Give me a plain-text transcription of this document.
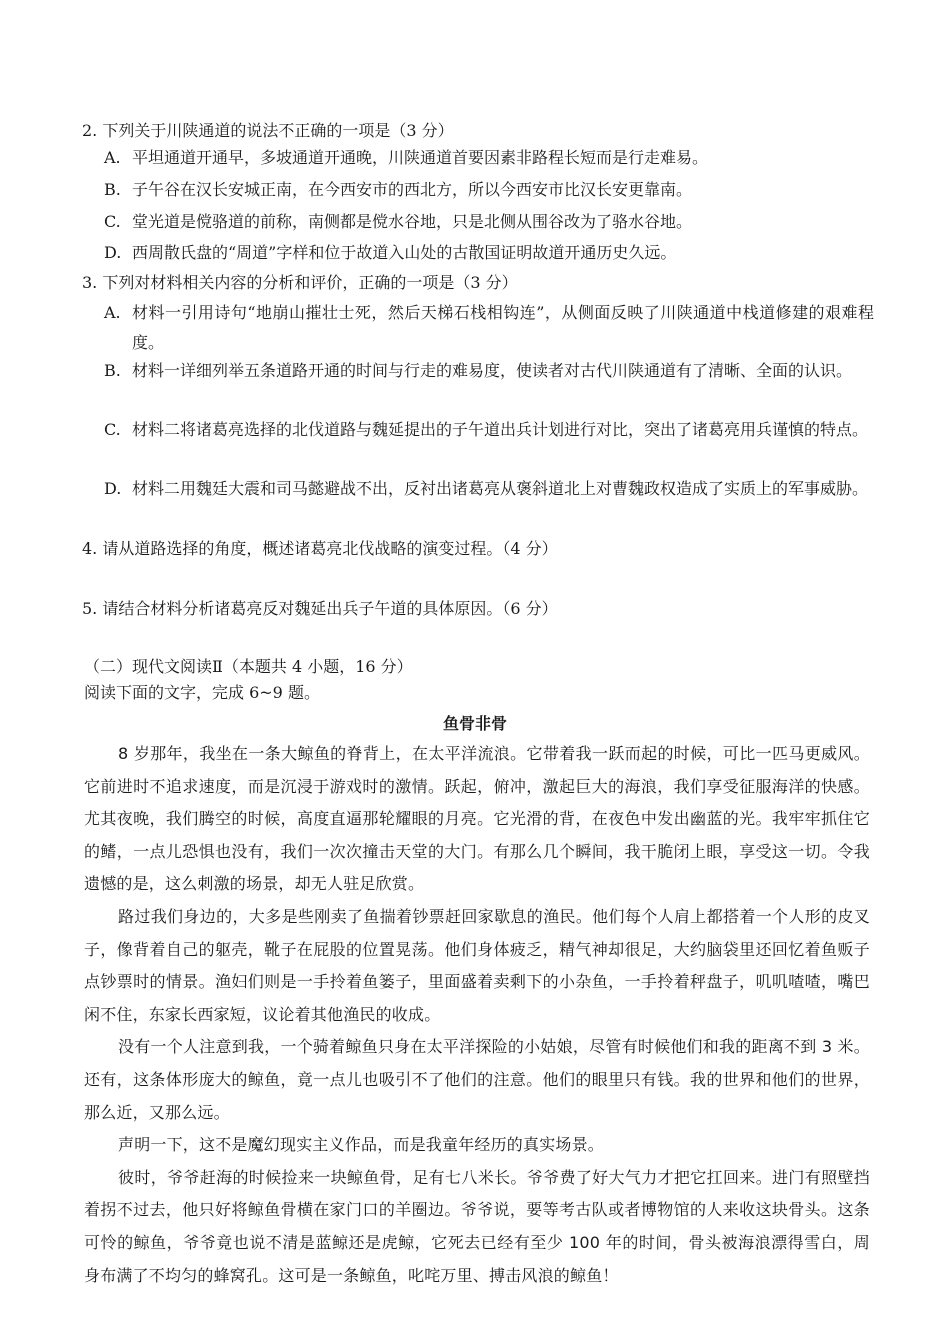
2. 下列关于川陕通道的说法不正确的一项是（3 分）
A. 平坦通道开通早，多坡通道开通晚，川陕通道首要因素非路程长短而是行走难易。
B. 子午谷在汉长安城正南，在今西安市的西北方，所以今西安市比汉长安更靠南。
C. 堂光道是傥骆道的前称，南侧都是傥水谷地，只是北侧从围谷改为了骆水谷地。
D. 西周散氏盘的“周道”字样和位于故道入山处的古散国证明故道开通历史久远。
3. 下列对材料相关内容的分析和评价，正确的一项是（3 分）
A. 材料一引用诗句“地崩山摧壮士死，然后天梯石栈相钩连”，从侧面反映了川陕通道中栈道修建的艰难程度。
B. 材料一详细列举五条道路开通的时间与行走的难易度，使读者对古代川陕通道有了清晰、全面的认识。
C. 材料二将诸葛亮选择的北伐道路与魏延提出的子午道出兵计划进行对比，突出了诸葛亮用兵谨慎的特点。
D. 材料二用魏廷大震和司马懿避战不出，反衬出诸葛亮从褒斜道北上对曹魏政权造成了实质上的军事威胁。
4. 请从道路选择的角度，概述诸葛亮北伐战略的演变过程。（4 分）
5. 请结合材料分析诸葛亮反对魏延出兵子午道的具体原因。（6 分）
（二）现代文阅读Ⅱ（本题共 4 小题，16 分）
阅读下面的文字，完成 6~9 题。
鱼骨非骨

8 岁那年，我坐在一条大鲸鱼的脊背上，在太平洋流浪。它带着我一跃而起的时候，可比一匹马更威风。它前进时不追求速度，而是沉浸于游戏时的激情。跃起，俯冲，激起巨大的海浪，我们享受征服海洋的快感。尤其夜晚，我们腾空的时候，高度直逼那轮耀眼的月亮。它光滑的背，在夜色中发出幽蓝的光。我牢牢抓住它的鳍，一点儿恐惧也没有，我们一次次撞击天堂的大门。有那么几个瞬间，我干脆闭上眼，享受这一切。令我遗憾的是，这么刺激的场景，却无人驻足欣赏。

路过我们身边的，大多是些刚卖了鱼揣着钞票赶回家歇息的渔民。他们每个人肩上都搭着一个人形的皮叉子，像背着自己的躯壳，靴子在屁股的位置晃荡。他们身体疲乏，精气神却很足，大约脑袋里还回忆着鱼贩子点钞票时的情景。渔妇们则是一手拎着鱼篓子，里面盛着卖剩下的小杂鱼，一手拎着秤盘子，叽叽喳喳，嘴巴闲不住，东家长西家短，议论着其他渔民的收成。

没有一个人注意到我，一个骑着鲸鱼只身在太平洋探险的小姑娘，尽管有时候他们和我的距离不到 3 米。还有，这条体形庞大的鲸鱼，竟一点儿也吸引不了他们的注意。他们的眼里只有钱。我的世界和他们的世界，那么近，又那么远。

声明一下，这不是魔幻现实主义作品，而是我童年经历的真实场景。

彼时，爷爷赶海的时候捡来一块鲸鱼骨，足有七八米长。爷爷费了好大气力才把它扛回来。进门有照壁挡着拐不过去，他只好将鲸鱼骨横在家门口的羊圈边。爷爷说，要等考古队或者博物馆的人来收这块骨头。这条可怜的鲸鱼，爷爷竟也说不清是蓝鲸还是虎鲸，它死去已经有至少 100 年的时间，骨头被海浪漂得雪白，周身布满了不均匀的蜂窝孔。这可是一条鲸鱼，叱咤万里、搏击风浪的鲸鱼！
